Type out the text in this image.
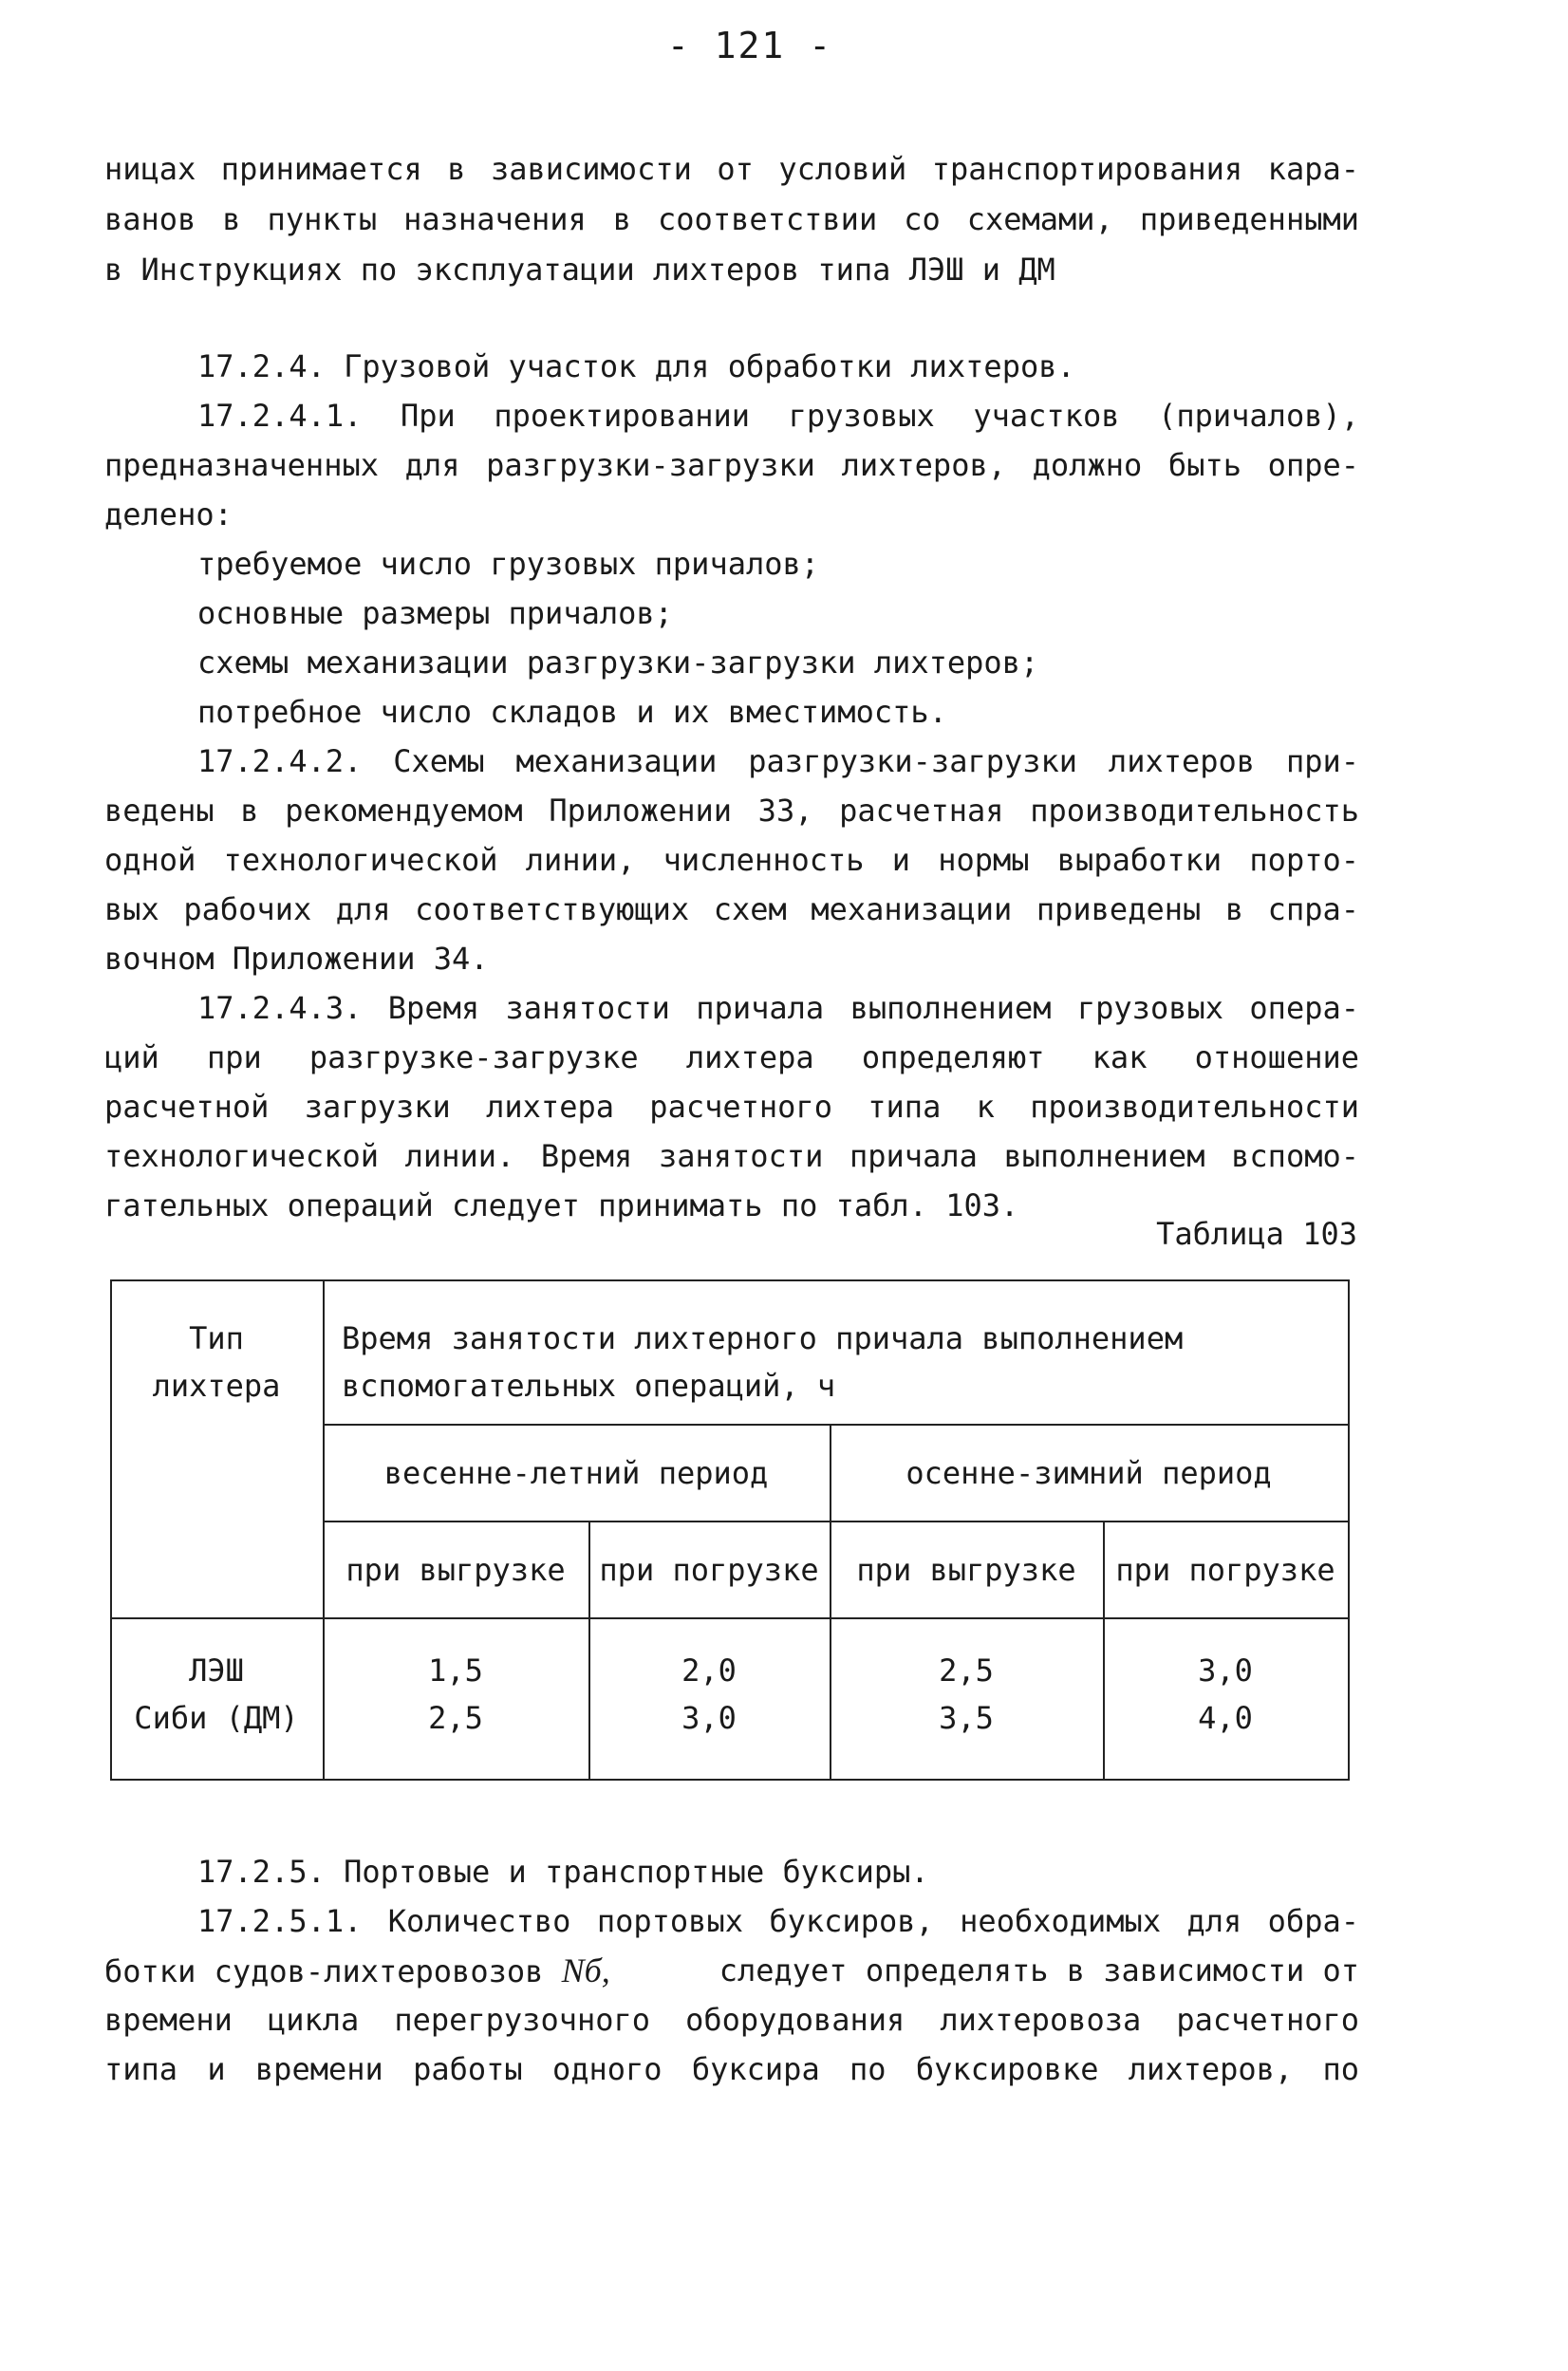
- 121 -
ницах принимается в зависимости от условий транспортирования кара-
ванов в пункты назначения в соответствии со схемами, приведенными
в Инструкциях по эксплуатации лихтеров типа ЛЭШ и ДМ
17.2.4. Грузовой участок для обработки лихтеров.
17.2.4.1. При проектировании грузовых участков (причалов),
предназначенных для разгрузки-загрузки лихтеров, должно быть опре-
делено:
требуемое число грузовых причалов;
основные размеры причалов;
схемы механизации разгрузки-загрузки лихтеров;
потребное число складов и их вместимость.
17.2.4.2. Схемы механизации разгрузки-загрузки лихтеров при-
ведены в рекомендуемом Приложении 33, расчетная производительность
одной технологической линии, численность и нормы выработки порто-
вых рабочих для соответствующих схем механизации приведены в спра-
вочном Приложении 34.
17.2.4.3. Время занятости причала выполнением грузовых опера-
ций при разгрузке-загрузке лихтера определяют как отношение
расчетной загрузки лихтера расчетного типа к производительности
технологической линии. Время занятости причала выполнением вспомо-
гательных операций следует принимать по табл. 103.
Таблица 103
Тип
лихтера
Время занятости лихтерного причала выполнением
вспомогательных операций, ч
весенне-летний период	осенне-зимний период
при выгрузке	при погрузке	при выгрузке	при погрузке
ЛЭШ	1,5	2,0	2,5	3,0
Сиби (ДМ)	2,5	3,0	3,5	4,0
17.2.5. Портовые и транспортные буксиры.
17.2.5.1. Количество портовых буксиров, необходимых для обра-
ботки судов-лихтеровозов Nб,	следует определять в зависимости от
времени цикла перегрузочного оборудования лихтеровоза расчетного
типа и времени работы одного буксира по буксировке лихтеров, по
